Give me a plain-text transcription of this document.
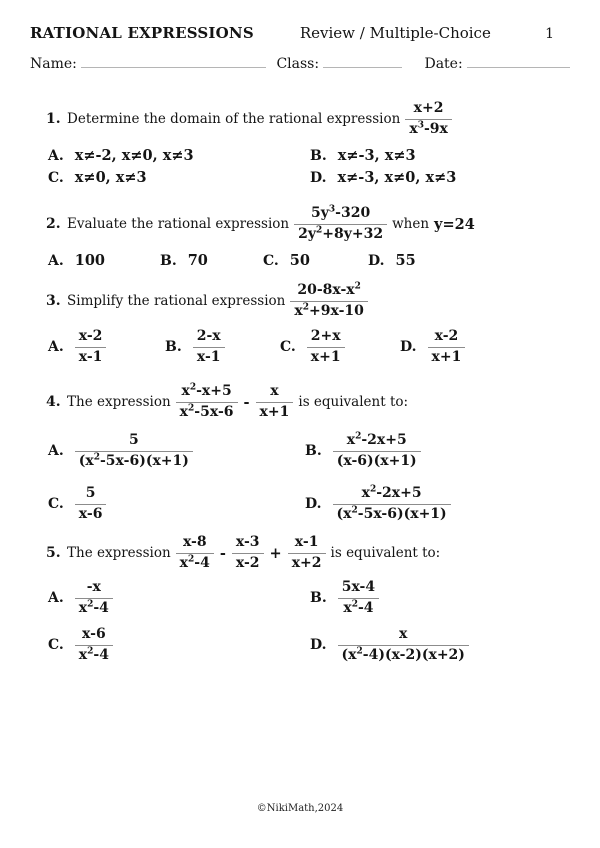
RATIONAL EXPRESSIONS	Review / Multiple-Choice	1
Name:	Class:	Date:
1. Determine the domain of the rational expression $\frac{x+2}{x^3-9x}$
A. x≠-2, x≠0, x≠3	B. x≠-3, x≠3
C. x≠0, x≠3	D. x≠-3, x≠0, x≠3
2. Evaluate the rational expression $\frac{5y^3-320}{2y^2+8y+32}$ when y=24
A. 100	B. 70	C. 50	D. 55
3. Simplify the rational expression $\frac{20-8x-x^2}{x^2+9x-10}$
A. $\frac{x-2}{x-1}$	B. $\frac{2-x}{x-1}$	C. $\frac{2+x}{x+1}$	D. $\frac{x-2}{x+1}$
4. The expression $\frac{x^2-x+5}{x^2-5x-6} - \frac{x}{x+1}$ is equivalent to:
A. $\frac{5}{(x^2-5x-6)(x+1)}$	B. $\frac{x^2-2x+5}{(x-6)(x+1)}$
C. $\frac{5}{x-6}$	D. $\frac{x^2-2x+5}{(x^2-5x-6)(x+1)}$
5. The expression $\frac{x-8}{x^2-4} - \frac{x-3}{x-2} + \frac{x-1}{x+2}$ is equivalent to:
A. $\frac{-x}{x^2-4}$	B. $\frac{5x-4}{x^2-4}$
C. $\frac{x-6}{x^2-4}$	D. $\frac{x}{(x^2-4)(x-2)(x+2)}$
©NikiMath,2024
